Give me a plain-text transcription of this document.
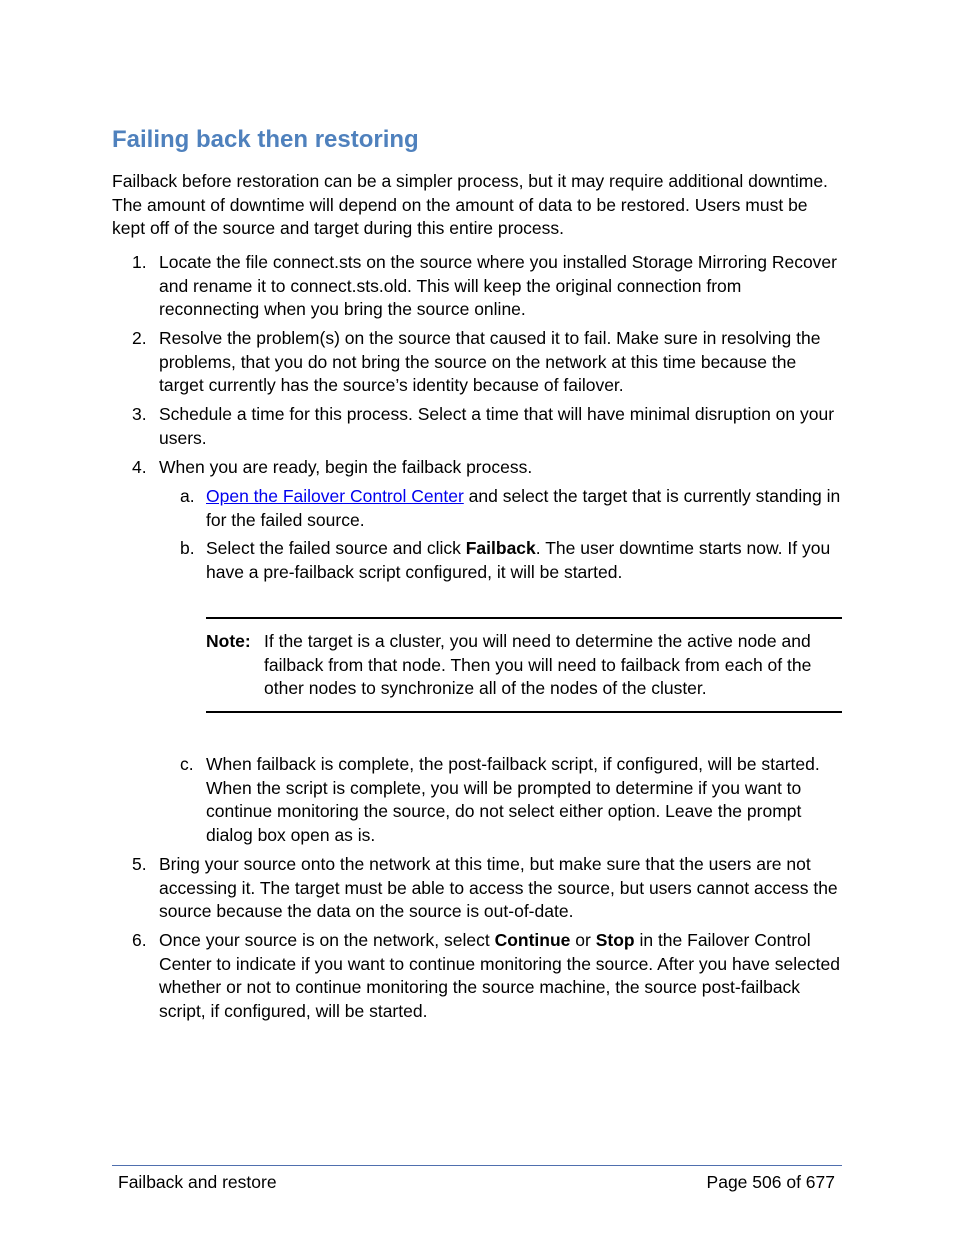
Failing back then restoring

Failback before restoration can be a simpler process, but it may require additional downtime. The amount of downtime will depend on the amount of data to be restored. Users must be kept off of the source and target during this entire process.

1. Locate the file connect.sts on the source where you installed Storage Mirroring Recover and rename it to connect.sts.old. This will keep the original connection from reconnecting when you bring the source online.
2. Resolve the problem(s) on the source that caused it to fail. Make sure in resolving the problems, that you do not bring the source on the network at this time because the target currently has the source’s identity because of failover.
3. Schedule a time for this process. Select a time that will have minimal disruption on your users.
4. When you are ready, begin the failback process.
a. Open the Failover Control Center and select the target that is currently standing in for the failed source.
b. Select the failed source and click Failback. The user downtime starts now. If you have a pre-failback script configured, it will be started.
Note: If the target is a cluster, you will need to determine the active node and failback from that node. Then you will need to failback from each of the other nodes to synchronize all of the nodes of the cluster.
c. When failback is complete, the post-failback script, if configured, will be started. When the script is complete, you will be prompted to determine if you want to continue monitoring the source, do not select either option. Leave the prompt dialog box open as is.
5. Bring your source onto the network at this time, but make sure that the users are not accessing it. The target must be able to access the source, but users cannot access the source because the data on the source is out-of-date.
6. Once your source is on the network, select Continue or Stop in the Failover Control Center to indicate if you want to continue monitoring the source. After you have selected whether or not to continue monitoring the source machine, the source post-failback script, if configured, will be started.
Failback and restore	Page 506 of 677
